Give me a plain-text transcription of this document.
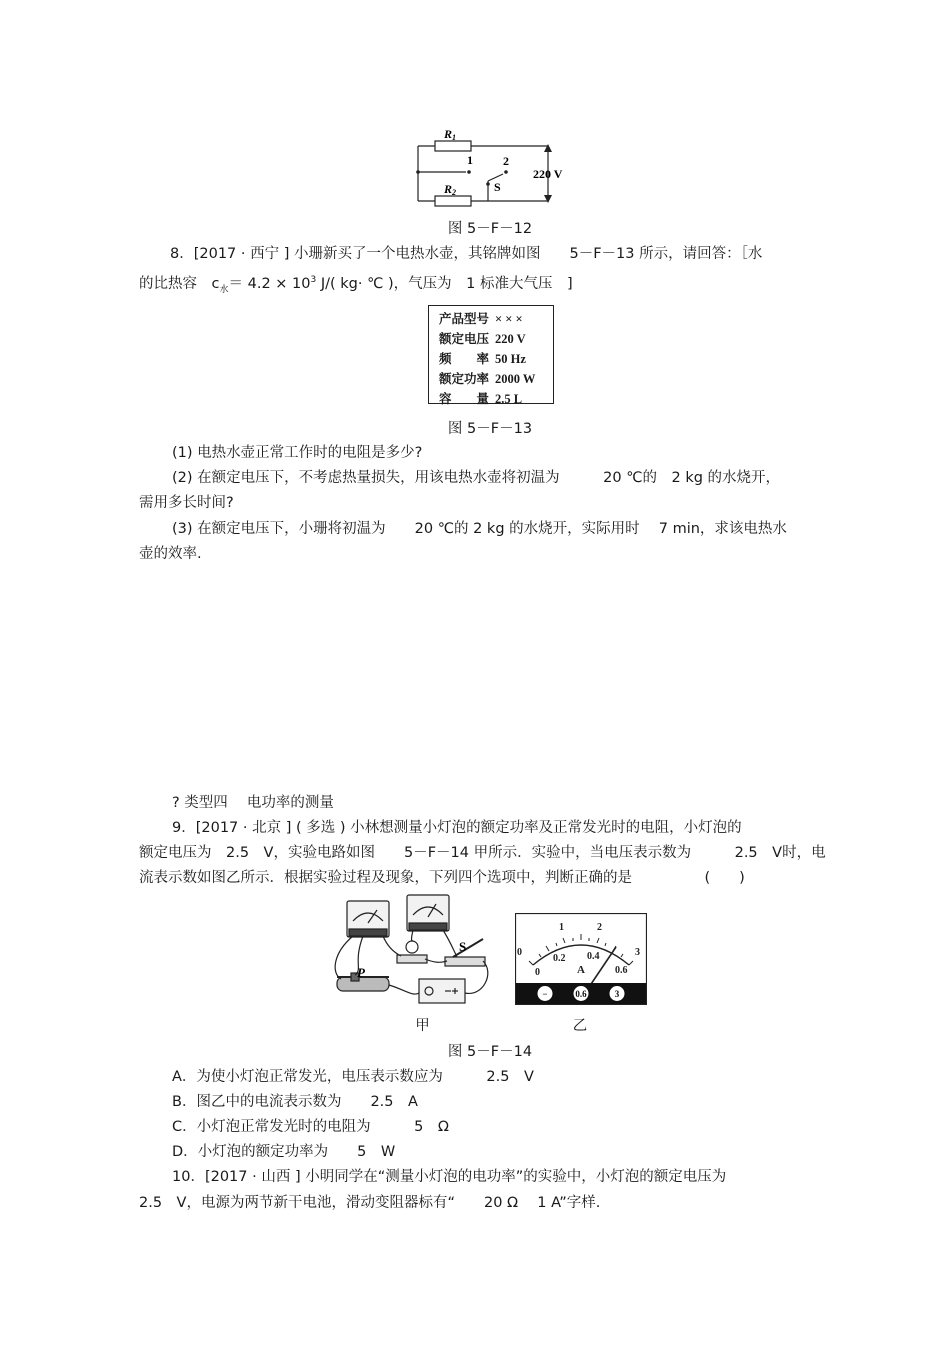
R1
R2
1	2
S
220 V
图 5－F－12
8．[2017 · 西宁 ] 小珊新买了一个电热水壶，其铭牌如图　　5－F－13 所示，请回答：［水
的比热容　$c_水= 4.2 \times 10^3$ J/( kg· ℃ )，气压为　1 标准大气压　]
产品型号 × × ×
额定电压 220 V
频　　率 50 Hz
额定功率 2000 W
容　　量 2.5 L
图 5－F－13
(1) 电热水壶正常工作时的电阻是多少?
(2) 在额定电压下，不考虑热量损失，用该电热水壶将初温为　　　20 ℃的　2 kg 的水烧开，
需用多长时间?
(3) 在额定电压下，小珊将初温为　　20 ℃的 2 kg 的水烧开，实际用时　 7 min，求该电热水
壶的效率.
? 类型四　 电功率的测量
9．[2017 · 北京 ] ( 多选 ) 小林想测量小灯泡的额定功率及正常发光时的电阻，小灯泡的
额定电压为　2.5　V，实验电路如图　　5－F－14 甲所示．实验中，当电压表示数为　　　2.5　V时，电
流表示数如图乙所示．根据实验过程及现象，下列四个选项中，判断正确的是　　　　　(　　)
P
S
甲
0
1	2
3
0
0.2 0.4
0.6
A
−	0.6	3
乙
图 5－F－14
A．为使小灯泡正常发光，电压表示数应为　　　2.5　V
B．图乙中的电流表示数为　　2.5　A
C．小灯泡正常发光时的电阻为　　　5　Ω
D．小灯泡的额定功率为　　5　W
10．[2017 · 山西 ] 小明同学在“测量小灯泡的电功率”的实验中，小灯泡的额定电压为
2.5　V，电源为两节新干电池，滑动变阻器标有“　　20 Ω　 1 A”字样.
